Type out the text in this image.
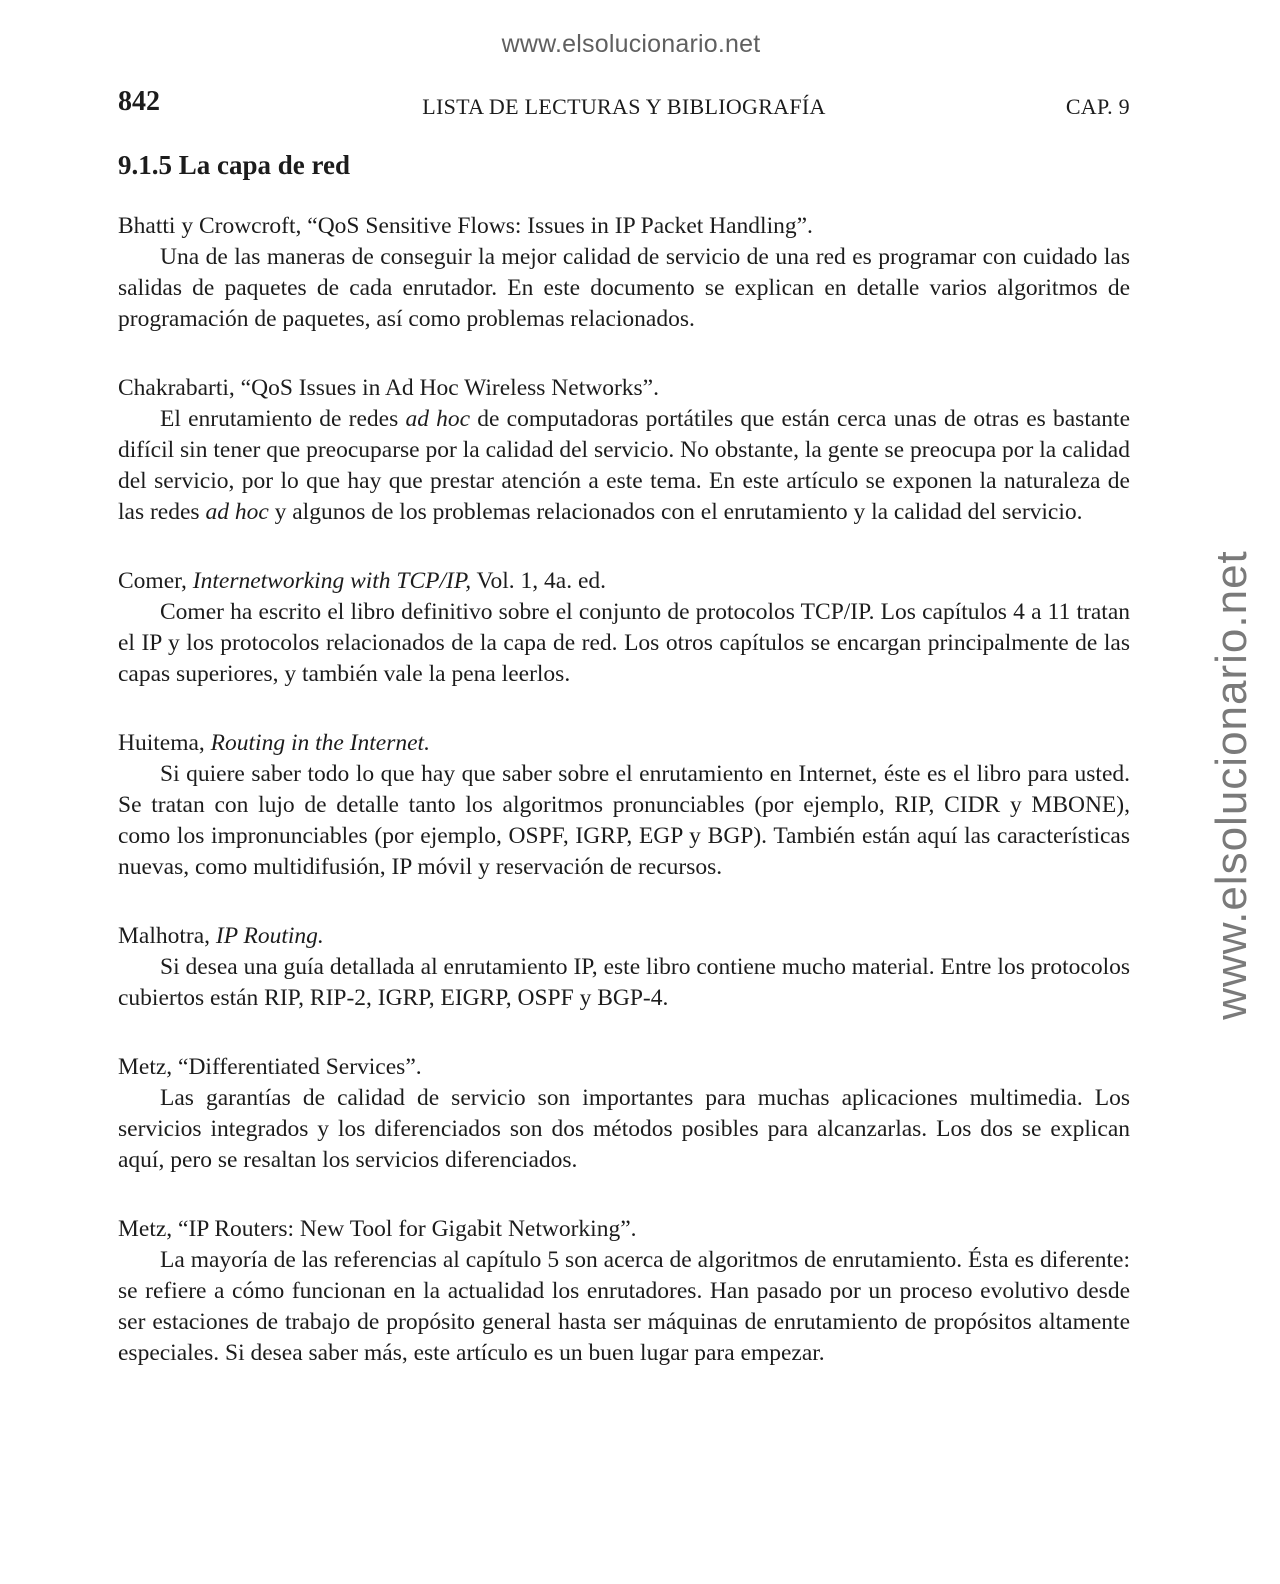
www.elsolucionario.net
www.elsolucionario.net
842	LISTA DE LECTURAS Y BIBLIOGRAFÍA	CAP. 9
9.1.5 La capa de red

Bhatti y Crowcroft, “QoS Sensitive Flows: Issues in IP Packet Handling”.

Una de las maneras de conseguir la mejor calidad de servicio de una red es programar con cuidado las salidas de paquetes de cada enrutador. En este documento se explican en detalle varios algoritmos de programación de paquetes, así como problemas relacionados.

Chakrabarti, “QoS Issues in Ad Hoc Wireless Networks”.

El enrutamiento de redes ad hoc de computadoras portátiles que están cerca unas de otras es bastante difícil sin tener que preocuparse por la calidad del servicio. No obstante, la gente se preocupa por la calidad del servicio, por lo que hay que prestar atención a este tema. En este artículo se exponen la naturaleza de las redes ad hoc y algunos de los problemas relacionados con el enrutamiento y la calidad del servicio.

Comer, Internetworking with TCP/IP, Vol. 1, 4a. ed.

Comer ha escrito el libro definitivo sobre el conjunto de protocolos TCP/IP. Los capítulos 4 a 11 tratan el IP y los protocolos relacionados de la capa de red. Los otros capítulos se encargan principalmente de las capas superiores, y también vale la pena leerlos.

Huitema, Routing in the Internet.

Si quiere saber todo lo que hay que saber sobre el enrutamiento en Internet, éste es el libro para usted. Se tratan con lujo de detalle tanto los algoritmos pronunciables (por ejemplo, RIP, CIDR y MBONE), como los impronunciables (por ejemplo, OSPF, IGRP, EGP y BGP). También están aquí las características nuevas, como multidifusión, IP móvil y reservación de recursos.

Malhotra, IP Routing.

Si desea una guía detallada al enrutamiento IP, este libro contiene mucho material. Entre los protocolos cubiertos están RIP, RIP-2, IGRP, EIGRP, OSPF y BGP-4.

Metz, “Differentiated Services”.

Las garantías de calidad de servicio son importantes para muchas aplicaciones multimedia. Los servicios integrados y los diferenciados son dos métodos posibles para alcanzarlas. Los dos se explican aquí, pero se resaltan los servicios diferenciados.

Metz, “IP Routers: New Tool for Gigabit Networking”.

La mayoría de las referencias al capítulo 5 son acerca de algoritmos de enrutamiento. Ésta es diferente: se refiere a cómo funcionan en la actualidad los enrutadores. Han pasado por un proceso evolutivo desde ser estaciones de trabajo de propósito general hasta ser máquinas de enrutamiento de propósitos altamente especiales. Si desea saber más, este artículo es un buen lugar para empezar.
